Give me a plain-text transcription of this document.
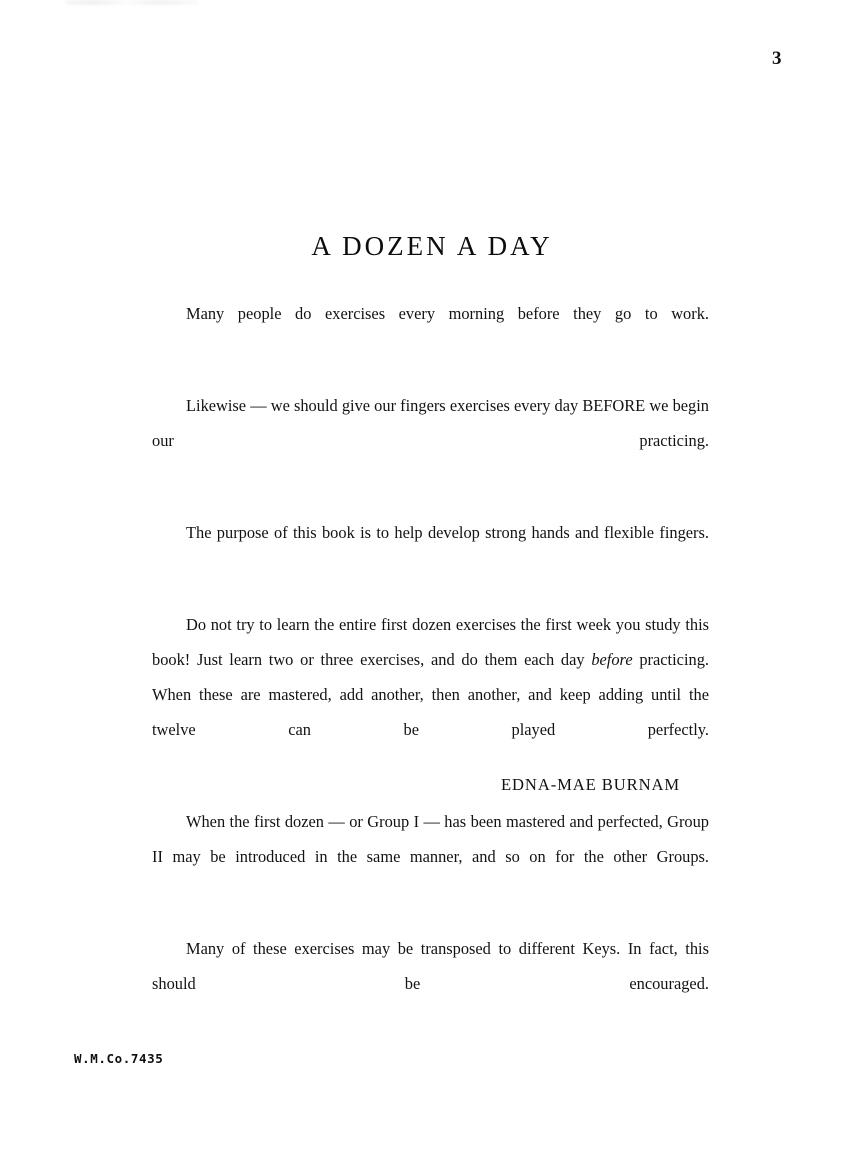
3
A DOZEN A DAY

Many people do exercises every morning before they go to work.

Likewise — we should give our fingers exercises every day BEFORE we begin our practicing.

The purpose of this book is to help develop strong hands and flexible fingers.

Do not try to learn the entire first dozen exercises the first week you study this book! Just learn two or three exercises, and do them each day before practicing. When these are mastered, add another, then another, and keep adding until the twelve can be played perfectly.

When the first dozen — or Group I — has been mastered and perfected, Group II may be introduced in the same manner, and so on for the other Groups.

Many of these exercises may be transposed to different Keys. In fact, this should be encouraged.

EDNA-MAE BURNAM
W.M.Co.7435
